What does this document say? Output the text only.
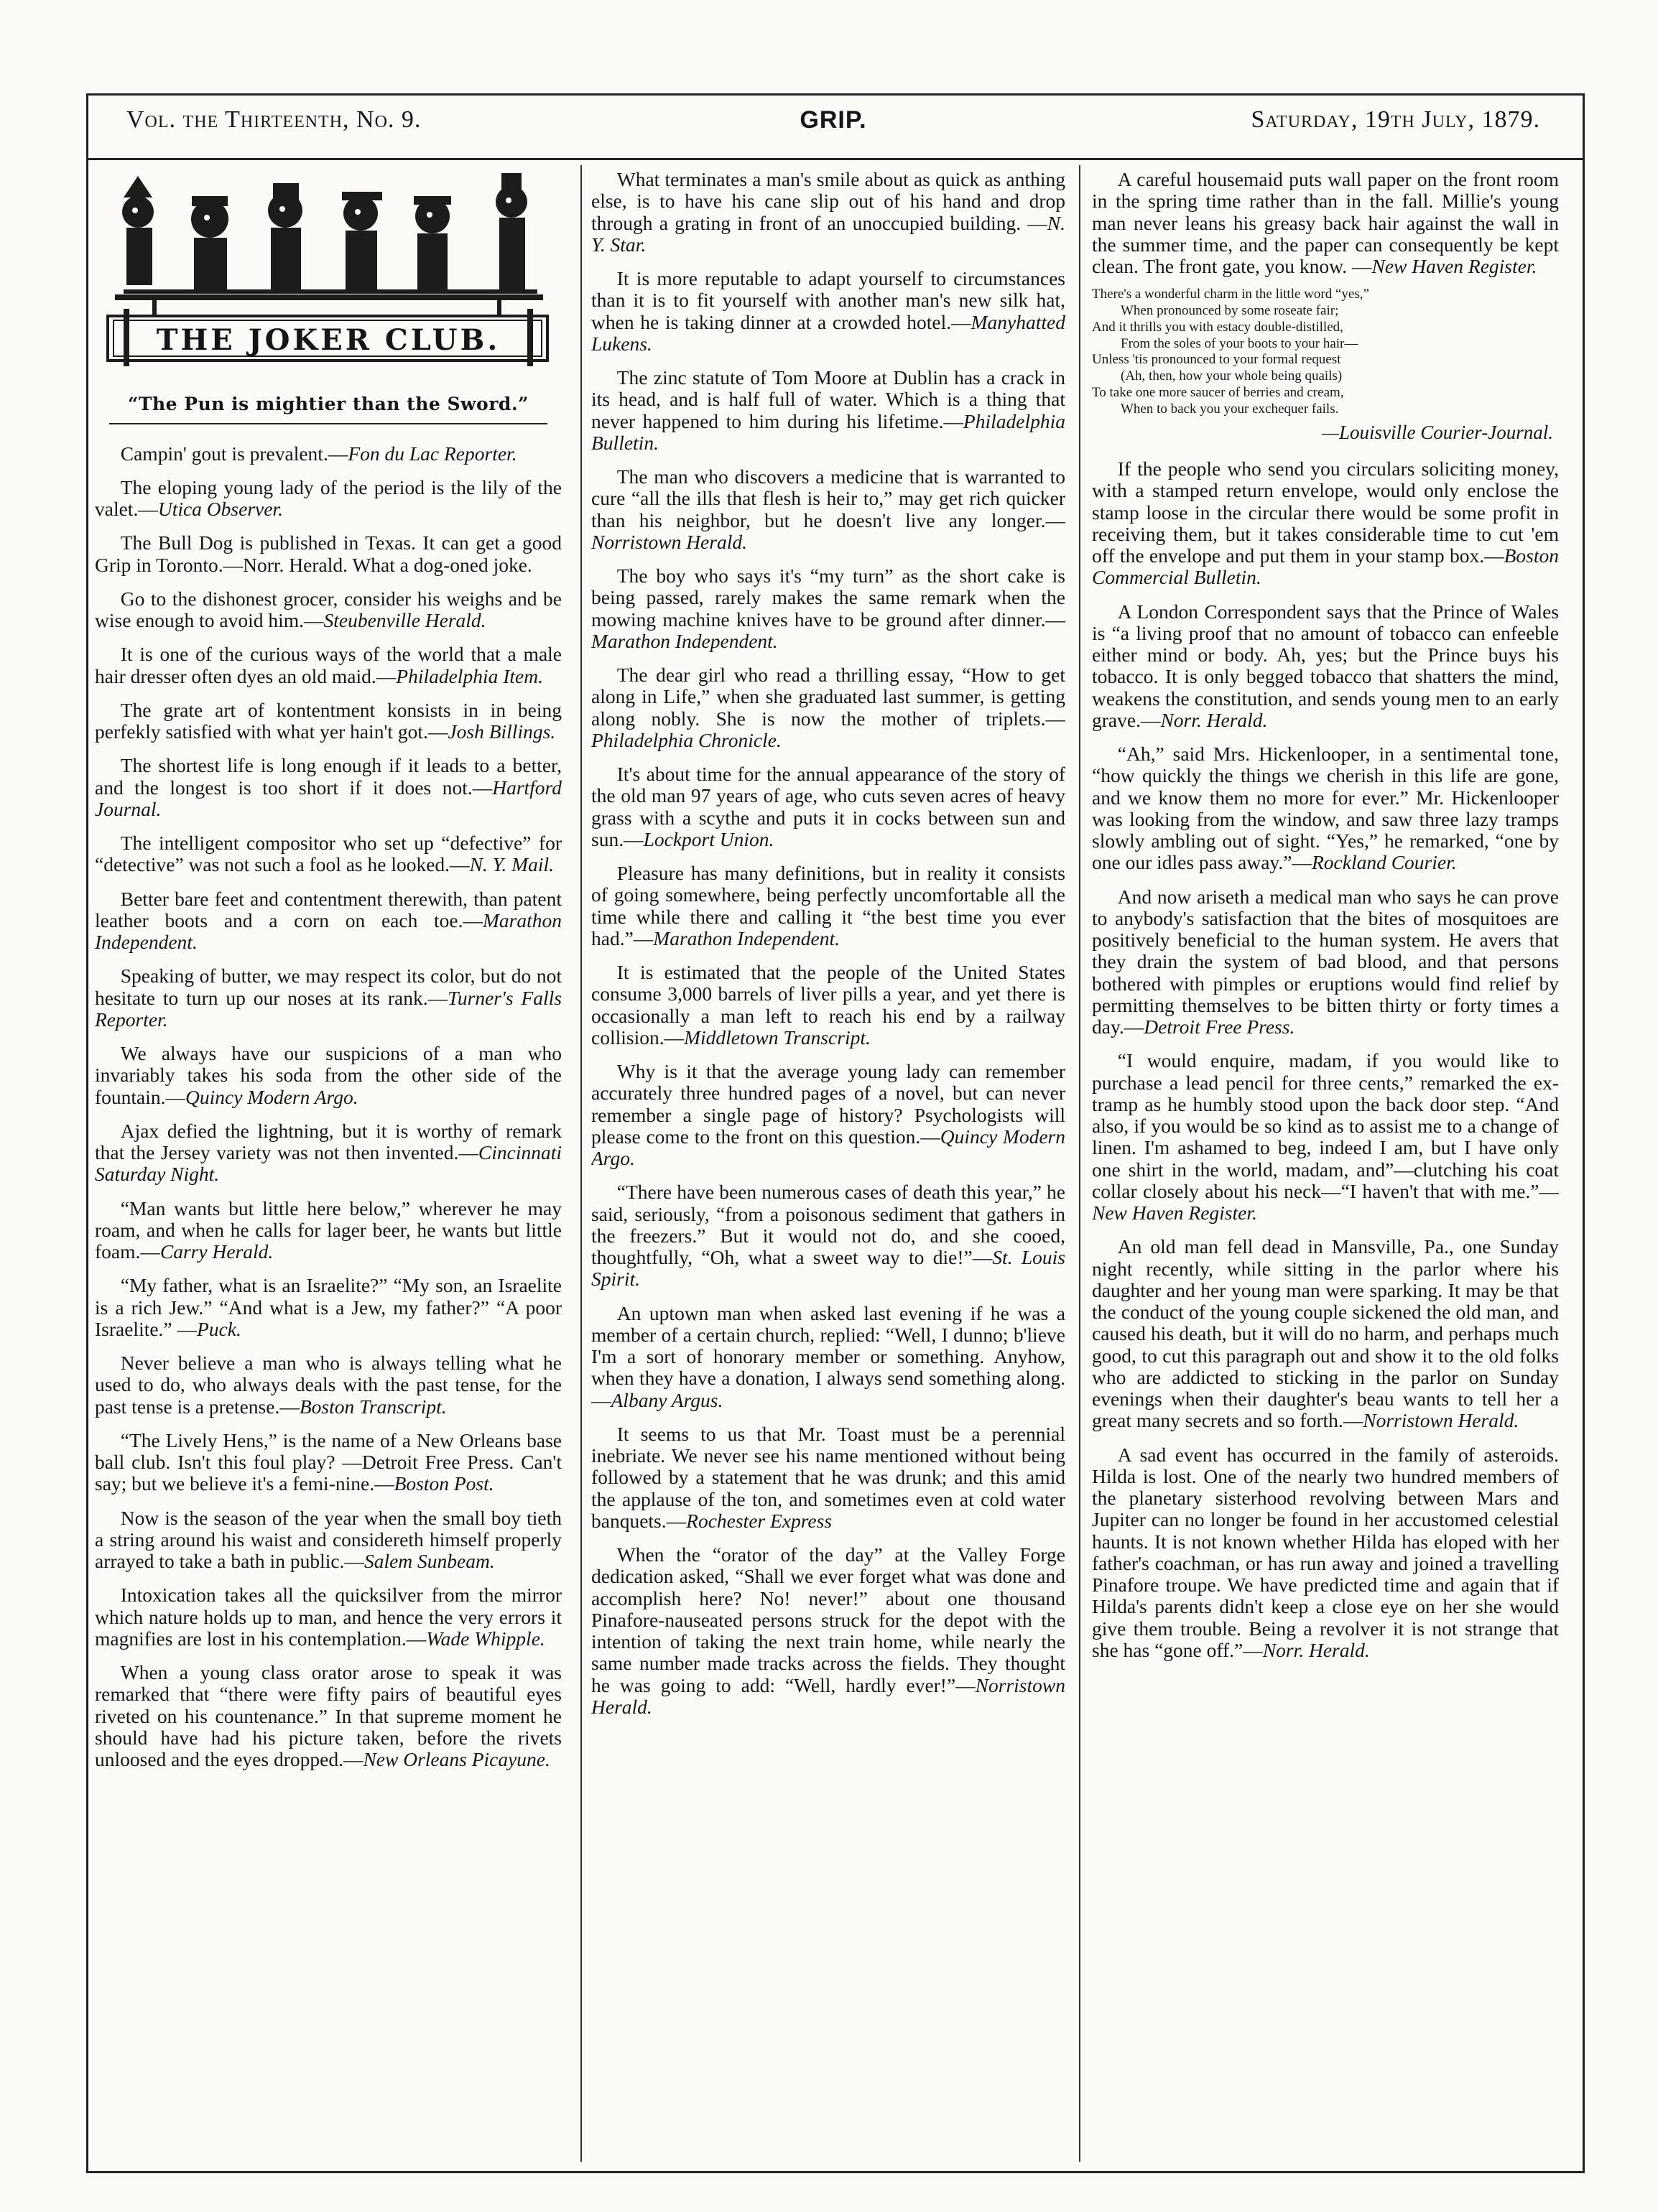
GRIP.
Vol. the Thirteenth, No. 9.	Saturday, 19th July, 1879.
THE JOKER CLUB.
“The Pun is mightier than the Sword.”

Campin' gout is prevalent.—Fon du Lac Reporter.

The eloping young lady of the period is the lily of the valet.—Utica Observer.

The Bull Dog is published in Texas. It can get a good Grip in Toronto.—Norr. Herald. What a dog-oned joke.

Go to the dishonest grocer, consider his weighs and be wise enough to avoid him.—Steubenville Herald.

It is one of the curious ways of the world that a male hair dresser often dyes an old maid.—Philadelphia Item.

The grate art of kontentment konsists in in being perfekly satisfied with what yer hain't got.—Josh Billings.

The shortest life is long enough if it leads to a better, and the longest is too short if it does not.—Hartford Journal.

The intelligent compositor who set up “defective” for “detective” was not such a fool as he looked.—N. Y. Mail.

Better bare feet and contentment therewith, than patent leather boots and a corn on each toe.—Marathon Independent.

Speaking of butter, we may respect its color, but do not hesitate to turn up our noses at its rank.—Turner's Falls Reporter.

We always have our suspicions of a man who invariably takes his soda from the other side of the fountain.—Quincy Modern Argo.

Ajax defied the lightning, but it is worthy of remark that the Jersey variety was not then invented.—Cincinnati Saturday Night.

“Man wants but little here below,” wherever he may roam, and when he calls for lager beer, he wants but little foam.—Carry Herald.

“My father, what is an Israelite?” “My son, an Israelite is a rich Jew.” “And what is a Jew, my father?” “A poor Israelite.” —Puck.

Never believe a man who is always telling what he used to do, who always deals with the past tense, for the past tense is a pretense.—Boston Transcript.

“The Lively Hens,” is the name of a New Orleans base ball club. Isn't this foul play? —Detroit Free Press. Can't say; but we believe it's a femi-nine.—Boston Post.

Now is the season of the year when the small boy tieth a string around his waist and considereth himself properly arrayed to take a bath in public.—Salem Sunbeam.

Intoxication takes all the quicksilver from the mirror which nature holds up to man, and hence the very errors it magnifies are lost in his contemplation.—Wade Whipple.

When a young class orator arose to speak it was remarked that “there were fifty pairs of beautiful eyes riveted on his countenance.” In that supreme moment he should have had his picture taken, before the rivets unloosed and the eyes dropped.—New Orleans Picayune.

What terminates a man's smile about as quick as anthing else, is to have his cane slip out of his hand and drop through a grating in front of an unoccupied building. —N. Y. Star.

It is more reputable to adapt yourself to circumstances than it is to fit yourself with another man's new silk hat, when he is taking dinner at a crowded hotel.—Manyhatted Lukens.

The zinc statute of Tom Moore at Dublin has a crack in its head, and is half full of water. Which is a thing that never happened to him during his lifetime.—Philadelphia Bulletin.

The man who discovers a medicine that is warranted to cure “all the ills that flesh is heir to,” may get rich quicker than his neighbor, but he doesn't live any longer.—Norristown Herald.

The boy who says it's “my turn” as the short cake is being passed, rarely makes the same remark when the mowing machine knives have to be ground after dinner.—Marathon Independent.

The dear girl who read a thrilling essay, “How to get along in Life,” when she graduated last summer, is getting along nobly. She is now the mother of triplets.—Philadelphia Chronicle.

It's about time for the annual appearance of the story of the old man 97 years of age, who cuts seven acres of heavy grass with a scythe and puts it in cocks between sun and sun.—Lockport Union.

Pleasure has many definitions, but in reality it consists of going somewhere, being perfectly uncomfortable all the time while there and calling it “the best time you ever had.”—Marathon Independent.

It is estimated that the people of the United States consume 3,000 barrels of liver pills a year, and yet there is occasionally a man left to reach his end by a railway collision.—Middletown Transcript.

Why is it that the average young lady can remember accurately three hundred pages of a novel, but can never remember a single page of history? Psychologists will please come to the front on this question.—Quincy Modern Argo.

“There have been numerous cases of death this year,” he said, seriously, “from a poisonous sediment that gathers in the freezers.” But it would not do, and she cooed, thoughtfully, “Oh, what a sweet way to die!”—St. Louis Spirit.

An uptown man when asked last evening if he was a member of a certain church, replied: “Well, I dunno; b'lieve I'm a sort of honorary member or something. Anyhow, when they have a donation, I always send something along.—Albany Argus.

It seems to us that Mr. Toast must be a perennial inebriate. We never see his name mentioned without being followed by a statement that he was drunk; and this amid the applause of the ton, and sometimes even at cold water banquets.—Rochester Express

When the “orator of the day” at the Valley Forge dedication asked, “Shall we ever forget what was done and accomplish here? No! never!” about one thousand Pinafore-nauseated persons struck for the depot with the intention of taking the next train home, while nearly the same number made tracks across the fields. They thought he was going to add: “Well, hardly ever!”—Norristown Herald.

A careful housemaid puts wall paper on the front room in the spring time rather than in the fall. Millie's young man never leans his greasy back hair against the wall in the summer time, and the paper can consequently be kept clean. The front gate, you know. —New Haven Register.

There's a wonderful charm in the little word “yes,”
When pronounced by some roseate fair;
And it thrills you with estacy double-distilled,
From the soles of your boots to your hair—
Unless 'tis pronounced to your formal request
(Ah, then, how your whole being quails)
To take one more saucer of berries and cream,
When to back you your exchequer fails.
—Louisville Courier-Journal.

If the people who send you circulars soliciting money, with a stamped return envelope, would only enclose the stamp loose in the circular there would be some profit in receiving them, but it takes considerable time to cut 'em off the envelope and put them in your stamp box.—Boston Commercial Bulletin.

A London Correspondent says that the Prince of Wales is “a living proof that no amount of tobacco can enfeeble either mind or body. Ah, yes; but the Prince buys his tobacco. It is only begged tobacco that shatters the mind, weakens the constitution, and sends young men to an early grave.—Norr. Herald.

“Ah,” said Mrs. Hickenlooper, in a sentimental tone, “how quickly the things we cherish in this life are gone, and we know them no more for ever.” Mr. Hickenlooper was looking from the window, and saw three lazy tramps slowly ambling out of sight. “Yes,” he remarked, “one by one our idles pass away.”—Rockland Courier.

And now ariseth a medical man who says he can prove to anybody's satisfaction that the bites of mosquitoes are positively beneficial to the human system. He avers that they drain the system of bad blood, and that persons bothered with pimples or eruptions would find relief by permitting themselves to be bitten thirty or forty times a day.—Detroit Free Press.

“I would enquire, madam, if you would like to purchase a lead pencil for three cents,” remarked the ex-tramp as he humbly stood upon the back door step. “And also, if you would be so kind as to assist me to a change of linen. I'm ashamed to beg, indeed I am, but I have only one shirt in the world, madam, and”—clutching his coat collar closely about his neck—“I haven't that with me.”—New Haven Register.

An old man fell dead in Mansville, Pa., one Sunday night recently, while sitting in the parlor where his daughter and her young man were sparking. It may be that the conduct of the young couple sickened the old man, and caused his death, but it will do no harm, and perhaps much good, to cut this paragraph out and show it to the old folks who are addicted to sticking in the parlor on Sunday evenings when their daughter's beau wants to tell her a great many secrets and so forth.—Norristown Herald.

A sad event has occurred in the family of asteroids. Hilda is lost. One of the nearly two hundred members of the planetary sisterhood revolving between Mars and Jupiter can no longer be found in her accustomed celestial haunts. It is not known whether Hilda has eloped with her father's coachman, or has run away and joined a travelling Pinafore troupe. We have predicted time and again that if Hilda's parents didn't keep a close eye on her she would give them trouble. Being a revolver it is not strange that she has “gone off.”—Norr. Herald.
